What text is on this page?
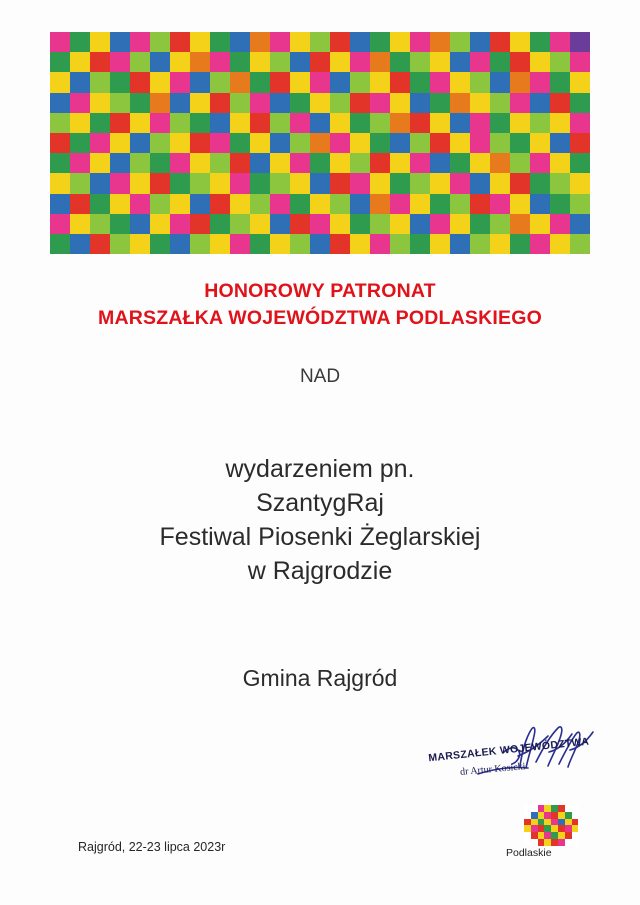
HONOROWY PATRONAT
MARSZAŁKA WOJEWÓDZTWA PODLASKIEGO
NAD
wydarzeniem pn.
SzantygRaj
Festiwal Piosenki Żeglarskiej
w Rajgrodzie
Gmina Rajgród
MARSZAŁEK WOJEWÓDZTWA
dr Artur Kosicki
Podlaskie
Rajgród, 22-23 lipca 2023r
